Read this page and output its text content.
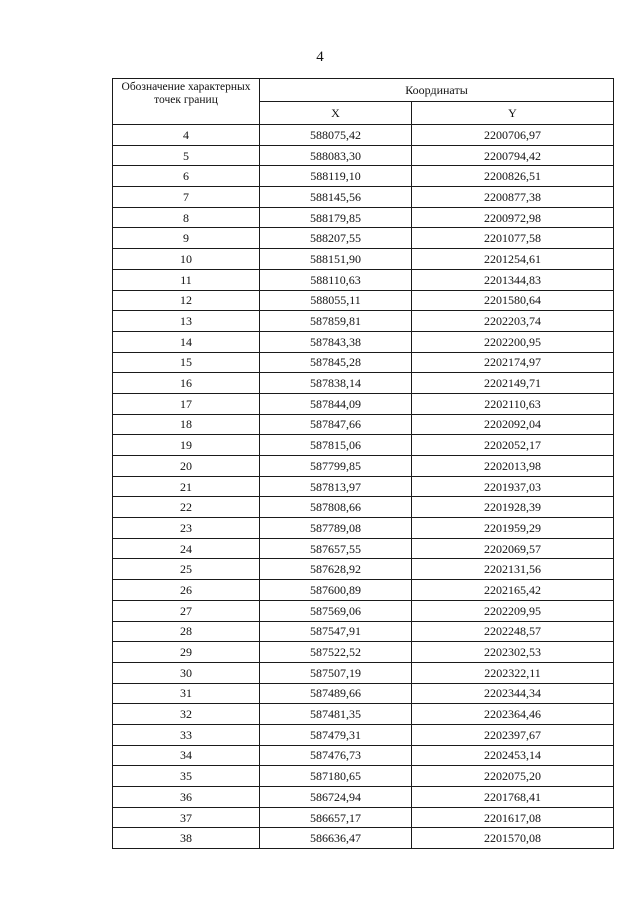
4
Обозначение характерных точек границ	Координаты	
	X	Y
4	588075,42	2200706,97
5	588083,30	2200794,42
6	588119,10	2200826,51
7	588145,56	2200877,38
8	588179,85	2200972,98
9	588207,55	2201077,58
10	588151,90	2201254,61
11	588110,63	2201344,83
12	588055,11	2201580,64
13	587859,81	2202203,74
14	587843,38	2202200,95
15	587845,28	2202174,97
16	587838,14	2202149,71
17	587844,09	2202110,63
18	587847,66	2202092,04
19	587815,06	2202052,17
20	587799,85	2202013,98
21	587813,97	2201937,03
22	587808,66	2201928,39
23	587789,08	2201959,29
24	587657,55	2202069,57
25	587628,92	2202131,56
26	587600,89	2202165,42
27	587569,06	2202209,95
28	587547,91	2202248,57
29	587522,52	2202302,53
30	587507,19	2202322,11
31	587489,66	2202344,34
32	587481,35	2202364,46
33	587479,31	2202397,67
34	587476,73	2202453,14
35	587180,65	2202075,20
36	586724,94	2201768,41
37	586657,17	2201617,08
38	586636,47	2201570,08
